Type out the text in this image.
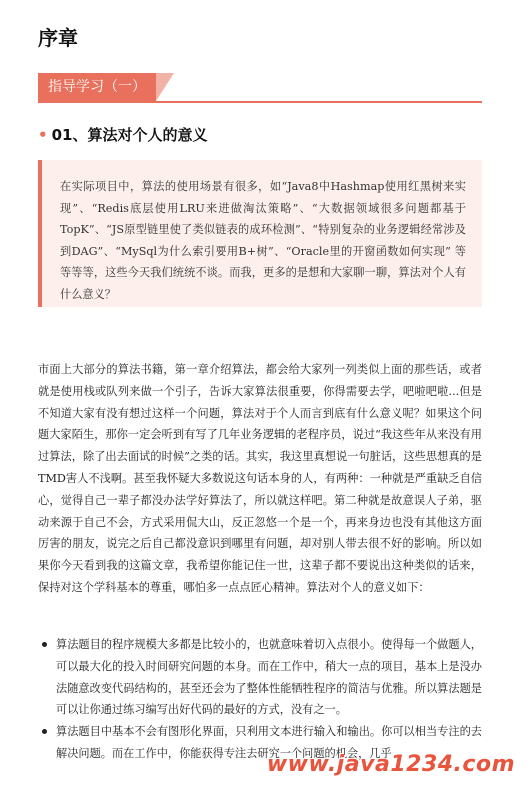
序章
指导学习（一）
• 01、算法对个人的意义
在实际项目中，算法的使用场景有很多，如“Java8中Hashmap使用红黑树来实现”、“Redis底层使用LRU来进做淘汰策略”、“大数据领域很多问题都基于TopK”、“JS原型链里使了类似链表的成环检测”、“特别复杂的业务逻辑经常涉及到DAG”、“MySql为什么索引要用B+树”、“Oracle里的开窗函数如何实现” 等等等等，这些今天我们统统不谈。而我，更多的是想和大家聊一聊，算法对个人有什么意义？
市面上大部分的算法书籍，第一章介绍算法，都会给大家列一列类似上面的那些话，或者就是使用栈或队列来做一个引子，告诉大家算法很重要，你得需要去学，吧啦吧啦...但是不知道大家有没有想过这样一个问题，算法对于个人而言到底有什么意义呢？如果这个问题大家陌生，那你一定会听到有写了几年业务逻辑的老程序员，说过“我这些年从来没有用过算法，除了出去面试的时候”之类的话。其实，我这里真想说一句脏话，这些思想真的是TMD害人不浅啊。甚至我怀疑大多数说这句话本身的人，有两种：一种就是严重缺乏自信心，觉得自己一辈子都没办法学好算法了，所以就这样吧。第二种就是故意误人子弟，驱动来源于自己不会，方式采用侃大山，反正忽悠一个是一个，再来身边也没有其他这方面厉害的朋友，说完之后自己都没意识到哪里有问题，却对别人带去很不好的影响。所以如果你今天看到我的这篇文章，我希望你能记住一世，这辈子都不要说出这种类似的话来，保持对这个学科基本的尊重，哪怕多一点点匠心精神。算法对个人的意义如下：
算法题目的程序规模大多都是比较小的，也就意味着切入点很小。使得每一个做题人，可以最大化的投入时间研究问题的本身。而在工作中，稍大一点的项目，基本上是没办法随意改变代码结构的，甚至还会为了整体性能牺牲程序的简洁与优雅。所以算法题是可以让你通过练习编写出好代码的最好的方式，没有之一。
算法题目中基本不会有图形化界面，只利用文本进行输入和输出。你可以相当专注的去解决问题。而在工作中，你能获得专注去研究一个问题的机会，几乎
www.java1234.com
